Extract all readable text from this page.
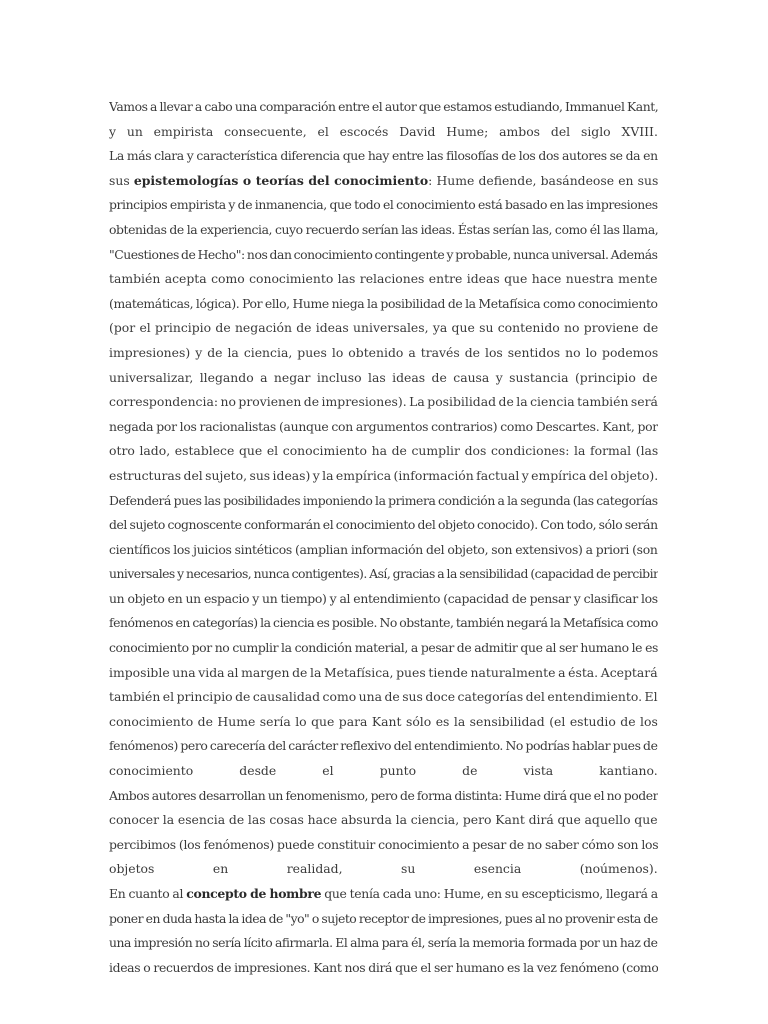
Vamos a llevar a cabo una comparación entre el autor que estamos estudiando, Immanuel Kant,
y un empirista consecuente, el escocés David Hume; ambos del siglo XVIII.
La más clara y característica diferencia que hay entre las filosofías de los dos autores se da en
sus epistemologías o teorías del conocimiento: Hume defiende, basándeose en sus
principios empirista y de inmanencia, que todo el conocimiento está basado en las impresiones
obtenidas de la experiencia, cuyo recuerdo serían las ideas. Éstas serían las, como él las llama,
"Cuestiones de Hecho": nos dan conocimiento contingente y probable, nunca universal. Además
también acepta como conocimiento las relaciones entre ideas que hace nuestra mente
(matemáticas, lógica). Por ello, Hume niega la posibilidad de la Metafísica como conocimiento
(por el principio de negación de ideas universales, ya que su contenido no proviene de
impresiones) y de la ciencia, pues lo obtenido a través de los sentidos no lo podemos
universalizar, llegando a negar incluso las ideas de causa y sustancia (principio de
correspondencia: no provienen de impresiones). La posibilidad de la ciencia también será
negada por los racionalistas (aunque con argumentos contrarios) como Descartes. Kant, por
otro lado, establece que el conocimiento ha de cumplir dos condiciones: la formal (las
estructuras del sujeto, sus ideas) y la empírica (información factual y empírica del objeto).
Defenderá pues las posibilidades imponiendo la primera condición a la segunda (las categorías
del sujeto cognoscente conformarán el conocimiento del objeto conocido). Con todo, sólo serán
científicos los juicios sintéticos (amplian información del objeto, son extensivos) a priori (son
universales y necesarios, nunca contigentes). Así, gracias a la sensibilidad (capacidad de percibir
un objeto en un espacio y un tiempo) y al entendimiento (capacidad de pensar y clasificar los
fenómenos en categorías) la ciencia es posible. No obstante, también negará la Metafísica como
conocimiento por no cumplir la condición material, a pesar de admitir que al ser humano le es
imposible una vida al margen de la Metafísica, pues tiende naturalmente a ésta. Aceptará
también el principio de causalidad como una de sus doce categorías del entendimiento. El
conocimiento de Hume sería lo que para Kant sólo es la sensibilidad (el estudio de los
fenómenos) pero carecería del carácter reflexivo del entendimiento. No podrías hablar pues de
conocimiento desde el punto de vista kantiano.
Ambos autores desarrollan un fenomenismo, pero de forma distinta: Hume dirá que el no poder
conocer la esencia de las cosas hace absurda la ciencia, pero Kant dirá que aquello que
percibimos (los fenómenos) puede constituir conocimiento a pesar de no saber cómo son los
objetos en realidad, su esencia (noúmenos).
En cuanto al concepto de hombre que tenía cada uno: Hume, en su escepticismo, llegará a
poner en duda hasta la idea de "yo" o sujeto receptor de impresiones, pues al no provenir esta de
una impresión no sería lícito afirmarla. El alma para él, sería la memoria formada por un haz de
ideas o recuerdos de impresiones. Kant nos dirá que el ser humano es la vez fenómeno (como
